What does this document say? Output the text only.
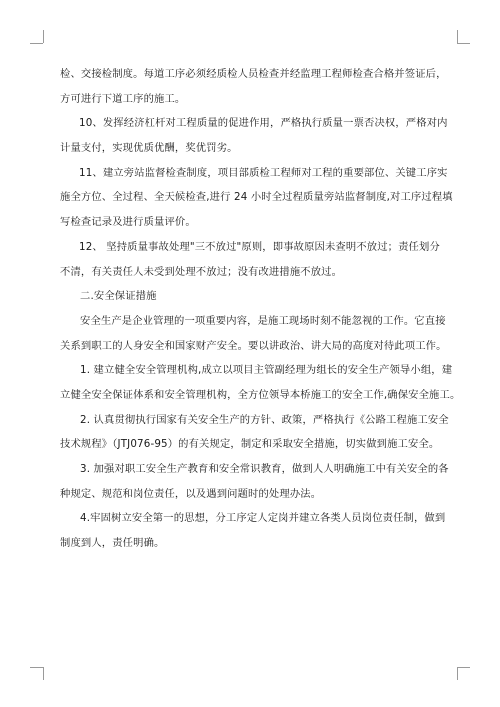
检、交接检制度。每道工序必须经质检人员检查并经监理工程师检查合格并签证后，
方可进行下道工序的施工。
10、发挥经济杠杆对工程质量的促进作用，严格执行质量一票否决权，严格对内
计量支付，实现优质优酬，奖优罚劣。
11、建立旁站监督检查制度，项目部质检工程师对工程的重要部位、关键工序实
施全方位、全过程、全天候检查,进行 24 小时全过程质量旁站监督制度,对工序过程填
写检查记录及进行质量评价。
12、 坚持质量事故处理"三不放过"原则，即事故原因未查明不放过；责任划分
不清，有关责任人未受到处理不放过；没有改进措施不放过。
二.安全保证措施
安全生产是企业管理的一项重要内容，是施工现场时刻不能忽视的工作。它直接
关系到职工的人身安全和国家财产安全。要以讲政治、讲大局的高度对待此项工作。
1. 建立健全安全管理机构,成立以项目主管副经理为组长的安全生产领导小组，建
立健全安全保证体系和安全管理机构，全方位领导本桥施工的安全工作,确保安全施工。
2. 认真贯彻执行国家有关安全生产的方针、政策，严格执行《公路工程施工安全
技术规程》（JTJ076-95）的有关规定，制定和采取安全措施，切实做到施工安全。
3. 加强对职工安全生产教育和安全常识教育，做到人人明确施工中有关安全的各
种规定、规范和岗位责任，以及遇到问题时的处理办法。
4.牢固树立安全第一的思想，分工序定人定岗并建立各类人员岗位责任制，做到
制度到人，责任明确。
